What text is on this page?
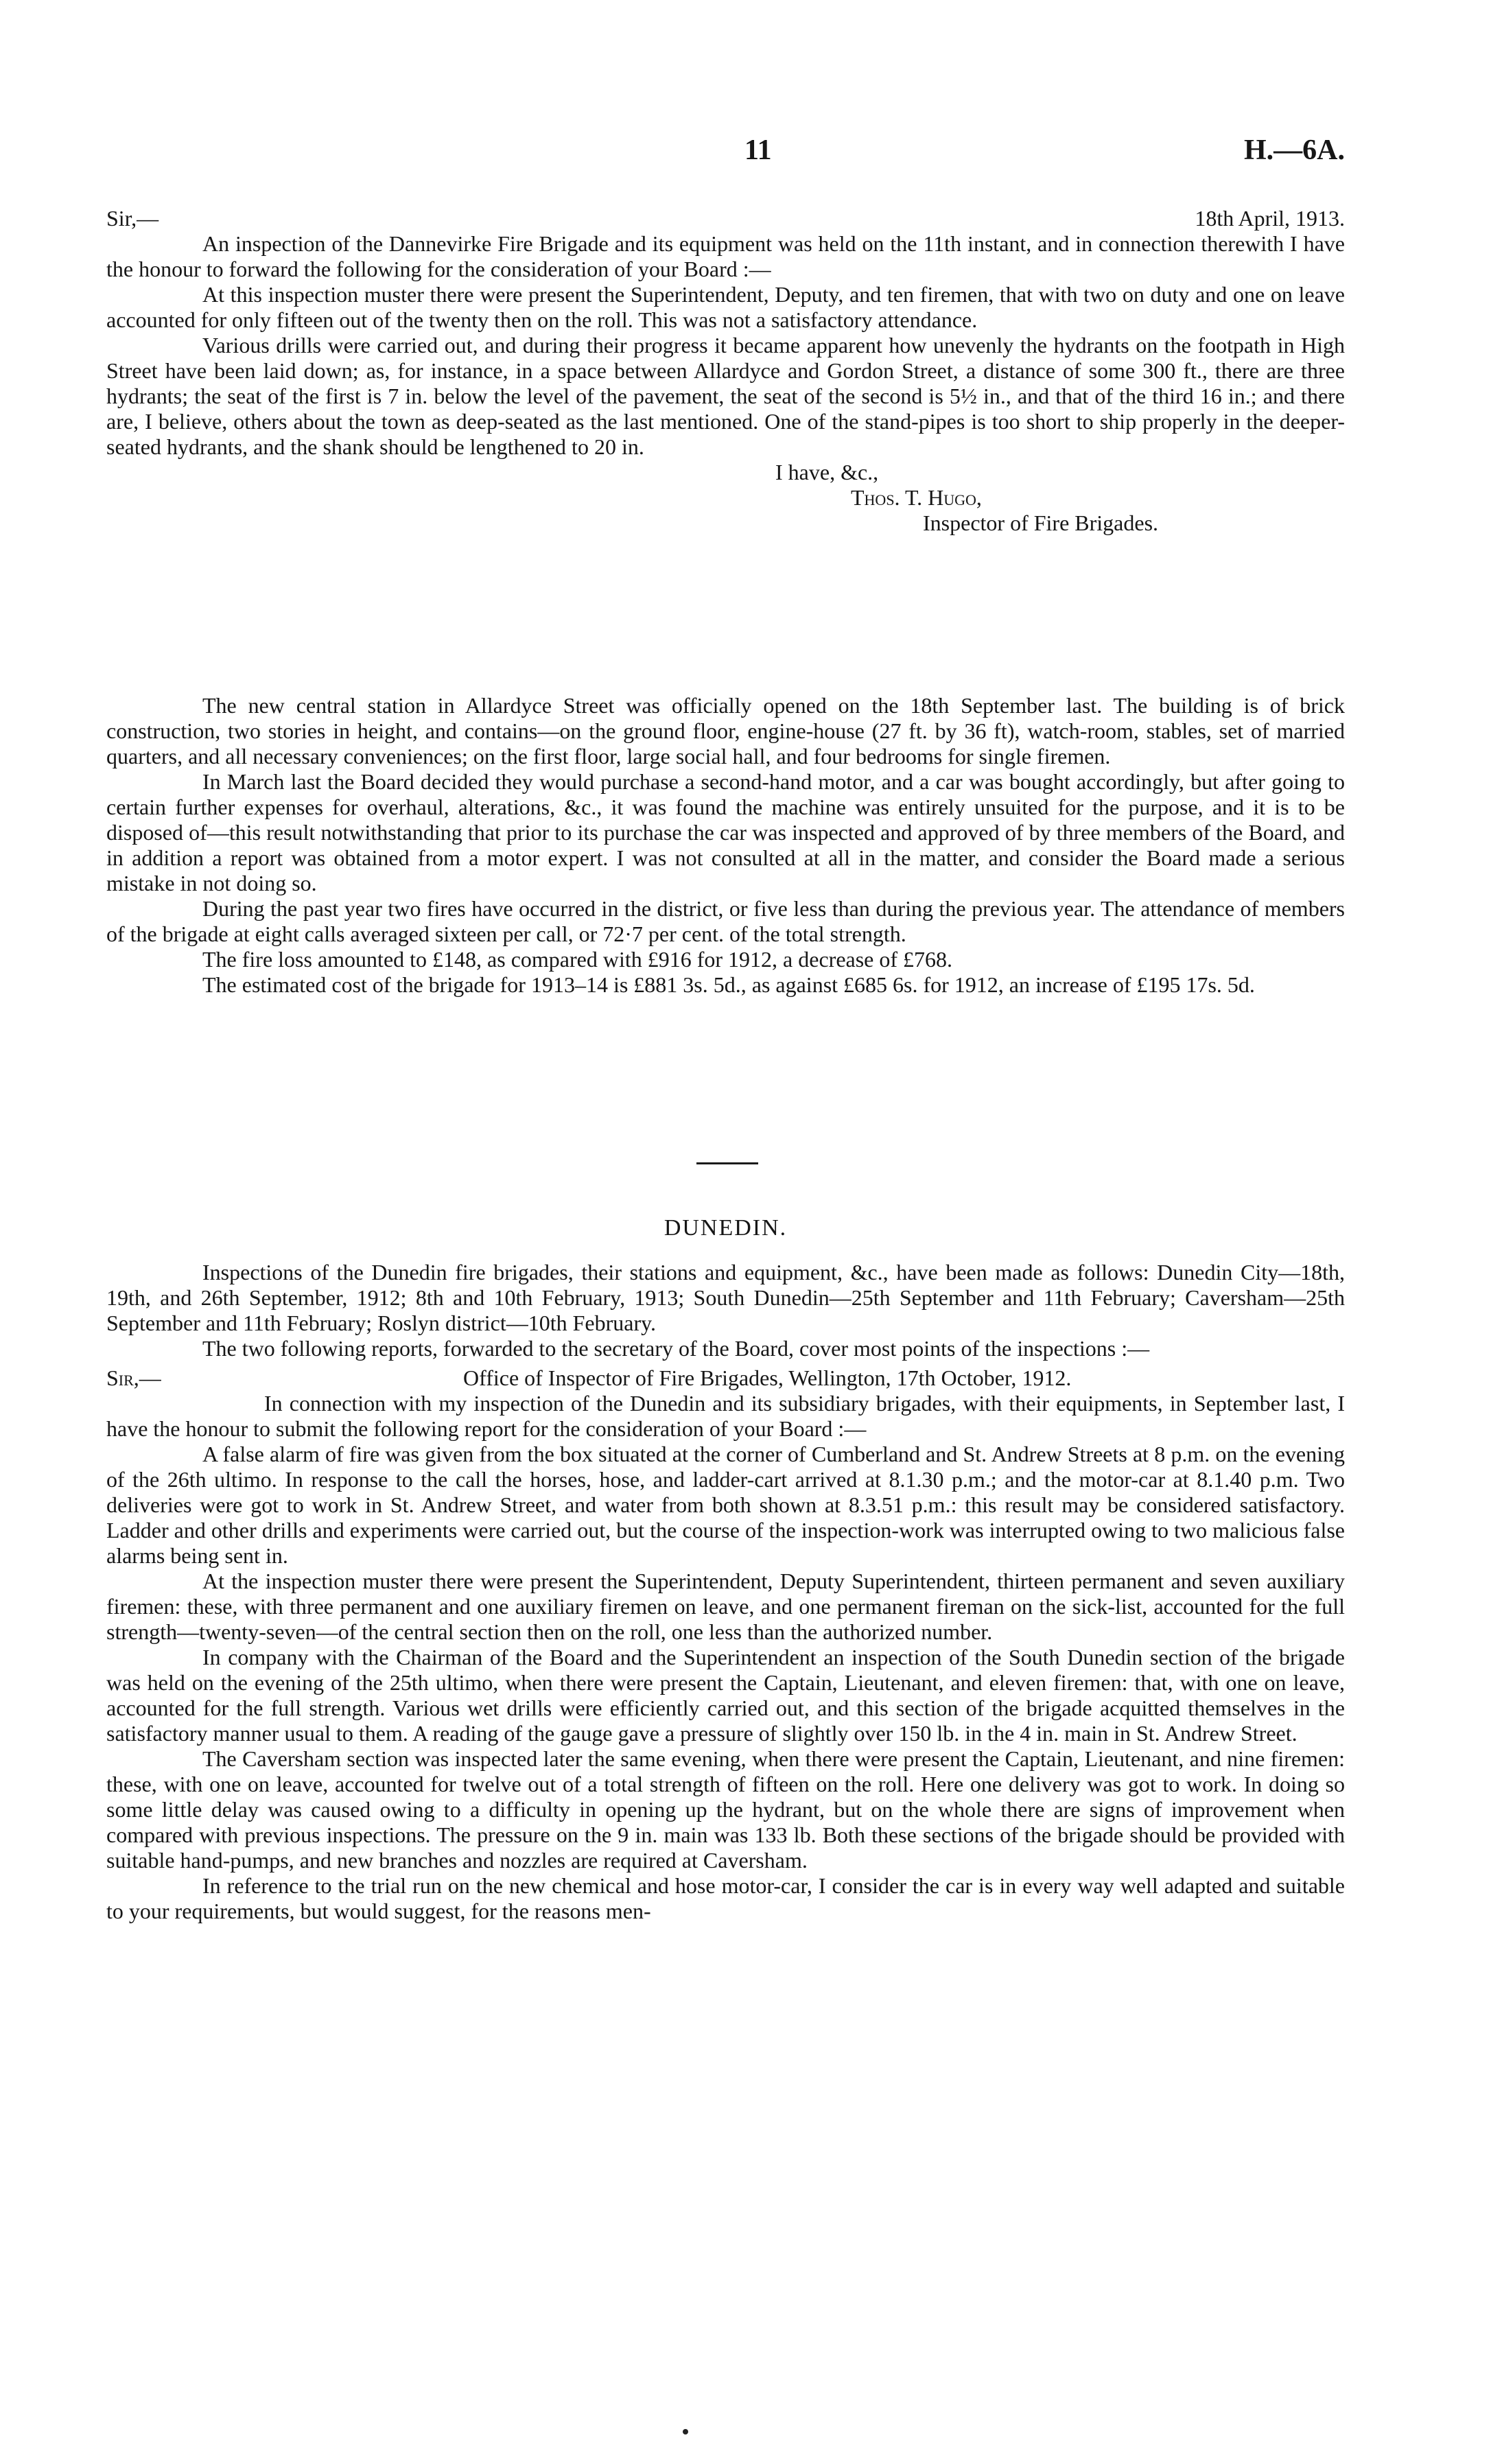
11	H.—6A.
Sir,—	18th April, 1913.

An inspection of the Dannevirke Fire Brigade and its equipment was held on the 11th instant, and in connection therewith I have the honour to forward the following for the consideration of your Board :—

At this inspection muster there were present the Superintendent, Deputy, and ten firemen, that with two on duty and one on leave accounted for only fifteen out of the twenty then on the roll. This was not a satisfactory attendance.

Various drills were carried out, and during their progress it became apparent how unevenly the hydrants on the footpath in High Street have been laid down; as, for instance, in a space between Allardyce and Gordon Street, a distance of some 300 ft., there are three hydrants; the seat of the first is 7 in. below the level of the pavement, the seat of the second is 5½ in., and that of the third 16 in.; and there are, I believe, others about the town as deep-seated as the last mentioned. One of the stand-pipes is too short to ship properly in the deeper-seated hydrants, and the shank should be lengthened to 20 in.

I have, &c.,
Thos. T. Hugo,
Inspector of Fire Brigades.

The new central station in Allardyce Street was officially opened on the 18th September last. The building is of brick construction, two stories in height, and contains—on the ground floor, engine-house (27 ft. by 36 ft), watch-room, stables, set of married quarters, and all necessary conveniences; on the first floor, large social hall, and four bedrooms for single firemen.

In March last the Board decided they would purchase a second-hand motor, and a car was bought accordingly, but after going to certain further expenses for overhaul, alterations, &c., it was found the machine was entirely unsuited for the purpose, and it is to be disposed of—this result notwithstanding that prior to its purchase the car was inspected and approved of by three members of the Board, and in addition a report was obtained from a motor expert. I was not consulted at all in the matter, and consider the Board made a serious mistake in not doing so.

During the past year two fires have occurred in the district, or five less than during the previous year. The attendance of members of the brigade at eight calls averaged sixteen per call, or 72·7 per cent. of the total strength.

The fire loss amounted to £148, as compared with £916 for 1912, a decrease of £768.

The estimated cost of the brigade for 1913–14 is £881 3s. 5d., as against £685 6s. for 1912, an increase of £195 17s. 5d.

DUNEDIN.

Inspections of the Dunedin fire brigades, their stations and equipment, &c., have been made as follows: Dunedin City—18th, 19th, and 26th September, 1912; 8th and 10th February, 1913; South Dunedin—25th September and 11th February; Caversham—25th September and 11th February; Roslyn district—10th February.

The two following reports, forwarded to the secretary of the Board, cover most points of the inspections :—

Sir,—	Office of Inspector of Fire Brigades, Wellington, 17th October, 1912.

In connection with my inspection of the Dunedin and its subsidiary brigades, with their equipments, in September last, I have the honour to submit the following report for the consideration of your Board :—

A false alarm of fire was given from the box situated at the corner of Cumberland and St. Andrew Streets at 8 p.m. on the evening of the 26th ultimo. In response to the call the horses, hose, and ladder-cart arrived at 8.1.30 p.m.; and the motor-car at 8.1.40 p.m. Two deliveries were got to work in St. Andrew Street, and water from both shown at 8.3.51 p.m.: this result may be considered satisfactory. Ladder and other drills and experiments were carried out, but the course of the inspection-work was interrupted owing to two malicious false alarms being sent in.

At the inspection muster there were present the Superintendent, Deputy Superintendent, thirteen permanent and seven auxiliary firemen: these, with three permanent and one auxiliary firemen on leave, and one permanent fireman on the sick-list, accounted for the full strength—twenty-seven—of the central section then on the roll, one less than the authorized number.

In company with the Chairman of the Board and the Superintendent an inspection of the South Dunedin section of the brigade was held on the evening of the 25th ultimo, when there were present the Captain, Lieutenant, and eleven firemen: that, with one on leave, accounted for the full strength. Various wet drills were efficiently carried out, and this section of the brigade acquitted themselves in the satisfactory manner usual to them. A reading of the gauge gave a pressure of slightly over 150 lb. in the 4 in. main in St. Andrew Street.

The Caversham section was inspected later the same evening, when there were present the Captain, Lieutenant, and nine firemen: these, with one on leave, accounted for twelve out of a total strength of fifteen on the roll. Here one delivery was got to work. In doing so some little delay was caused owing to a difficulty in opening up the hydrant, but on the whole there are signs of improvement when compared with previous inspections. The pressure on the 9 in. main was 133 lb. Both these sections of the brigade should be provided with suitable hand-pumps, and new branches and nozzles are required at Caversham.

In reference to the trial run on the new chemical and hose motor-car, I consider the car is in every way well adapted and suitable to your requirements, but would suggest, for the reasons men-
